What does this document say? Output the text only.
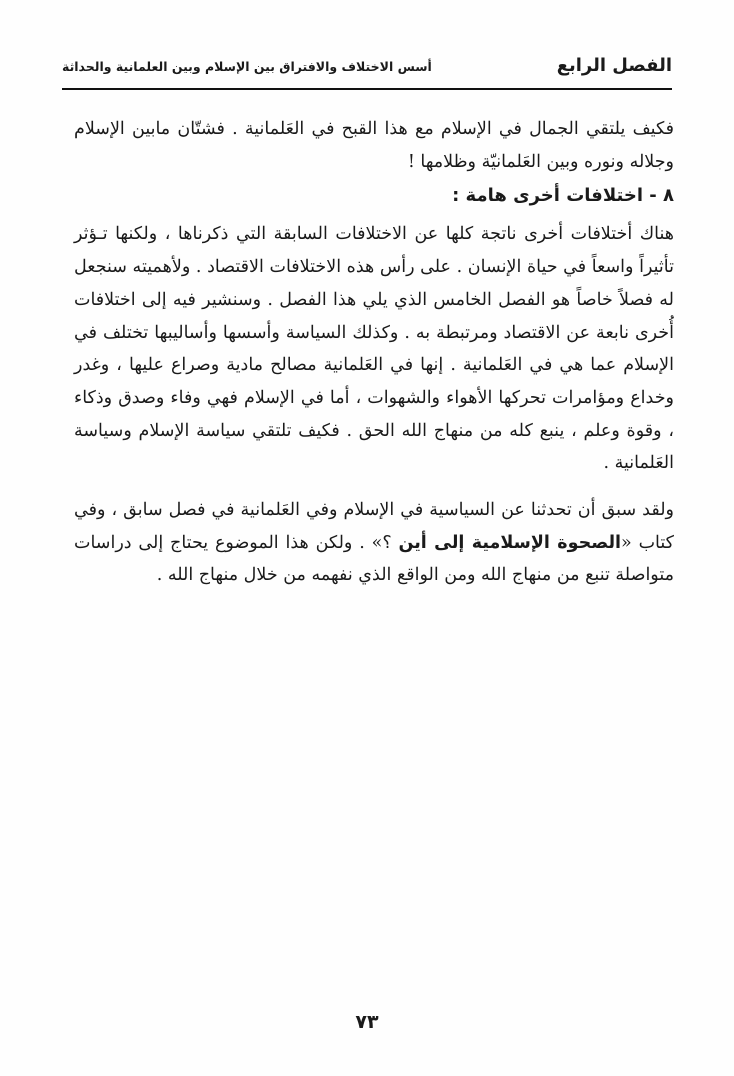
الفصل الرابع
أسس الاختلاف والافتراق بين الإسلام وبين العلمانية والحداثة

فكيف يلتقي الجمال في الإسلام مع هذا القبح في العَلمانية . فشتّان مابين الإسلام وجلاله ونوره وبين العَلمانيّة وظلامها !

٨ - اختلافات أخرى هامة :

هناك أختلافات أخرى ناتجة كلها عن الاختلافات السابقة التي ذكرناها ، ولكنها تـؤثر تأثيراً واسعاً في حياة الإنسان . على رأس هذه الاختلافات الاقتصاد . ولأهميته سنجعل له فصلاً خاصاً هو الفصل الخامس الذي يلي هذا الفصل . وسنشير فيه إلى اختلافات أُخرى نابعة عن الاقتصاد ومرتبطة به . وكذلك السياسة وأسسها وأساليبها تختلف في الإسلام عما هي في العَلمانية . إنها في العَلمانية مصالح مادية وصراع عليها ، وغدر وخداع ومؤامرات تحركها الأهواء والشهوات ، أما في الإسلام فهي وفاء وصدق وذكاء ، وقوة وعلم ، ينبع كله من منهاج الله الحق . فكيف تلتقي سياسة الإسلام وسياسة العَلمانية .

ولقد سبق أن تحدثنا عن السياسية في الإسلام وفي العَلمانية في فصل سابق ، وفي كتاب «الصحوة الإسلامية إلى أين ؟» . ولكن هذا الموضوع يحتاج إلى دراسات متواصلة تنبع من منهاج الله ومن الواقع الذي نفهمه من خلال منهاج الله .

٧٣
